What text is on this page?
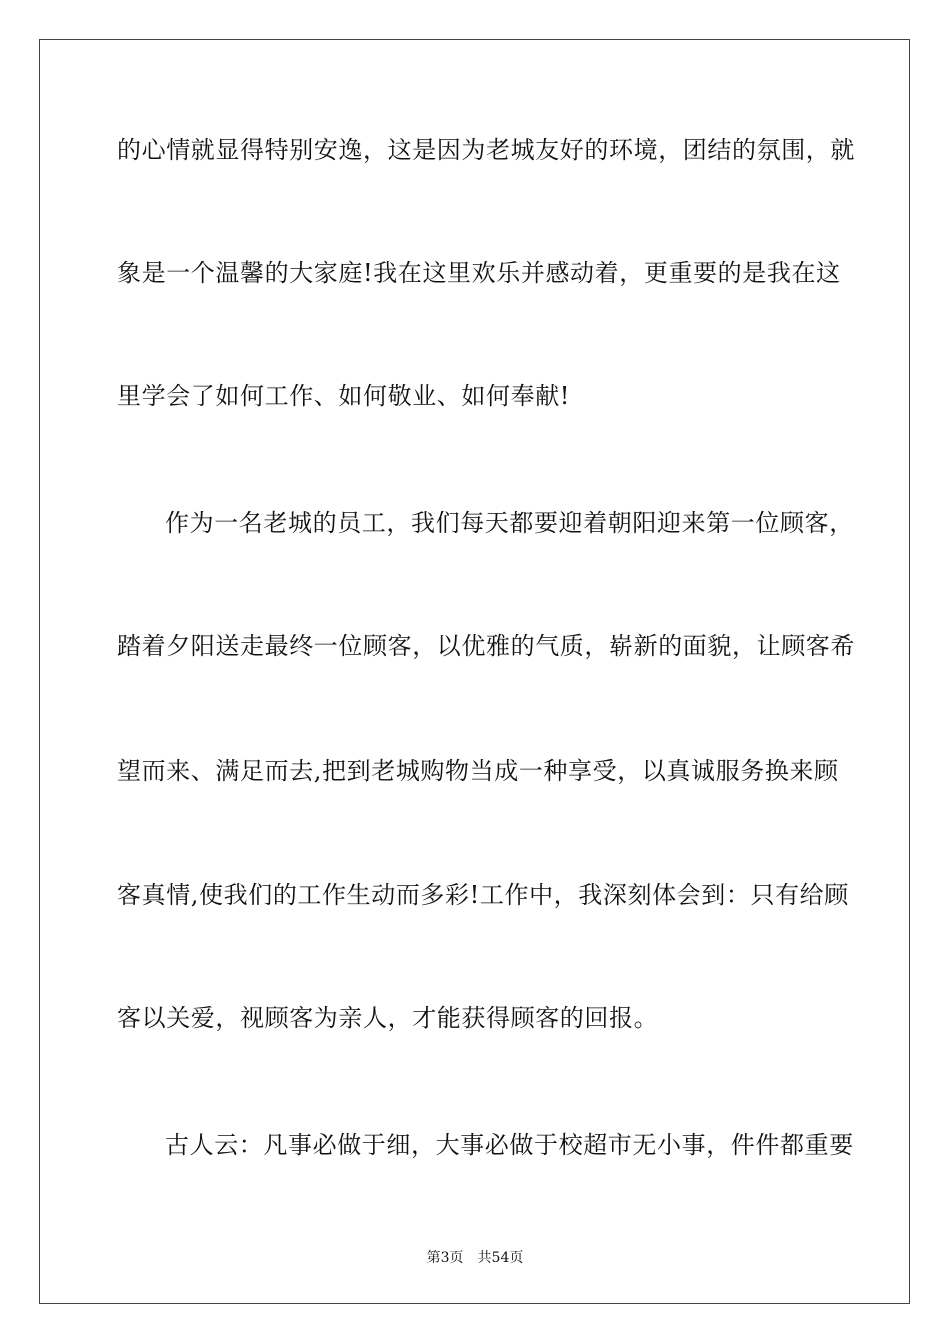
的心情就显得特别安逸，这是因为老城友好的环境，团结的氛围，就
象是一个温馨的大家庭!我在这里欢乐并感动着，更重要的是我在这
里学会了如何工作、如何敬业、如何奉献!
作为一名老城的员工，我们每天都要迎着朝阳迎来第一位顾客，
踏着夕阳送走最终一位顾客，以优雅的气质，崭新的面貌，让顾客希
望而来、满足而去,把到老城购物当成一种享受，以真诚服务换来顾
客真情,使我们的工作生动而多彩!工作中，我深刻体会到：只有给顾
客以关爱，视顾客为亲人，才能获得顾客的回报。
古人云：凡事必做于细，大事必做于校超市无小事，件件都重要
第3页 共54页
